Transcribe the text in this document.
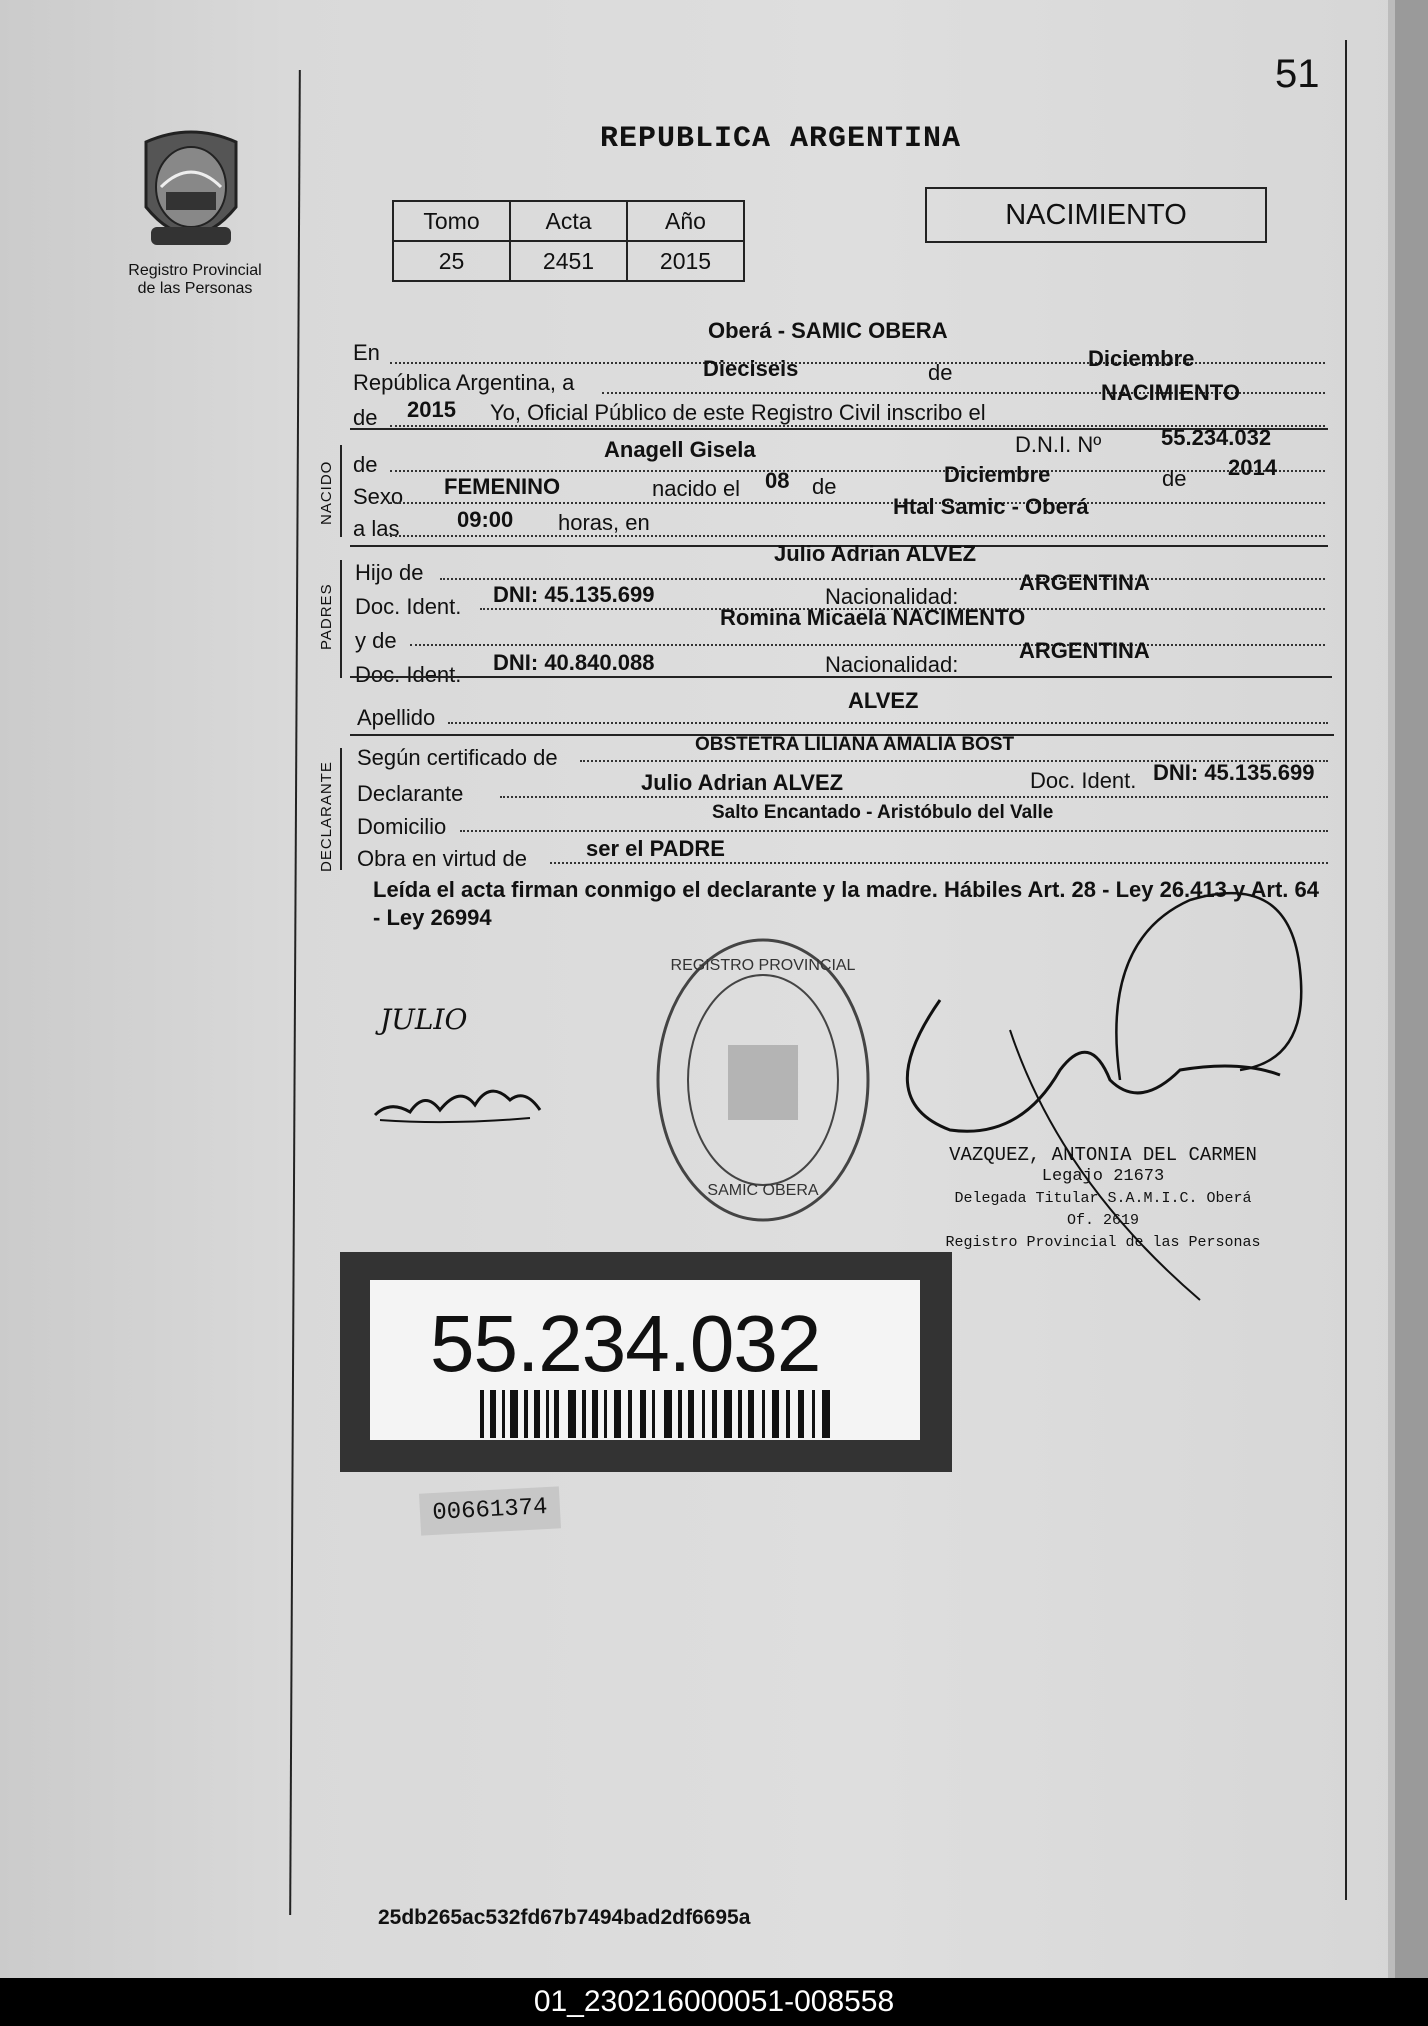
51
Registro Provincial
de las Personas
REPUBLICA ARGENTINA
Tomo	Acta	Año
25	2451	2015
NACIMIENTO
En
Oberá - SAMIC OBERA
República Argentina, a
Dieciseis	de
Diciembre
de 2015 Yo, Oficial Público de este Registro Civil inscribo el
NACIMIENTO
NACIDO de
Anagell Gisela	D.N.I. Nº	55.234.032
Sexo FEMENINO	nacido el 08 de	Diciembre	de 2014
a las	09:00 horas, en
Htal Samic - Oberá
PADRES
Hijo de
Julio Adrian ALVEZ
Doc. Ident. DNI: 45.135.699	Nacionalidad:
ARGENTINA
y de
Romina Micaela NACIMENTO
Doc. Ident. DNI: 40.840.088	Nacionalidad:
ARGENTINA
Apellido
ALVEZ
DECLARANTE
Según certificado de
OBSTETRA LILIANA AMALIA BOST
Declarante	Julio Adrian ALVEZ	Doc. Ident. DNI: 45.135.699
Domicilio
Salto Encantado - Aristóbulo del Valle
Obra en virtud de	ser el PADRE
Leída el acta firman conmigo el declarante y la madre. Hábiles Art. 28 - Ley 26.413 y Art. 64 - Ley 26994
JULIO
REGISTRO PROVINCIAL
SAMIC OBERA
VAZQUEZ, ANTONIA DEL CARMEN
Legajo 21673
Delegada Titular S.A.M.I.C. Oberá Of. 2619
Registro Provincial de las Personas
55.234.032
00661374
25db265ac532fd67b7494bad2df6695a
01_230216000051-008558
